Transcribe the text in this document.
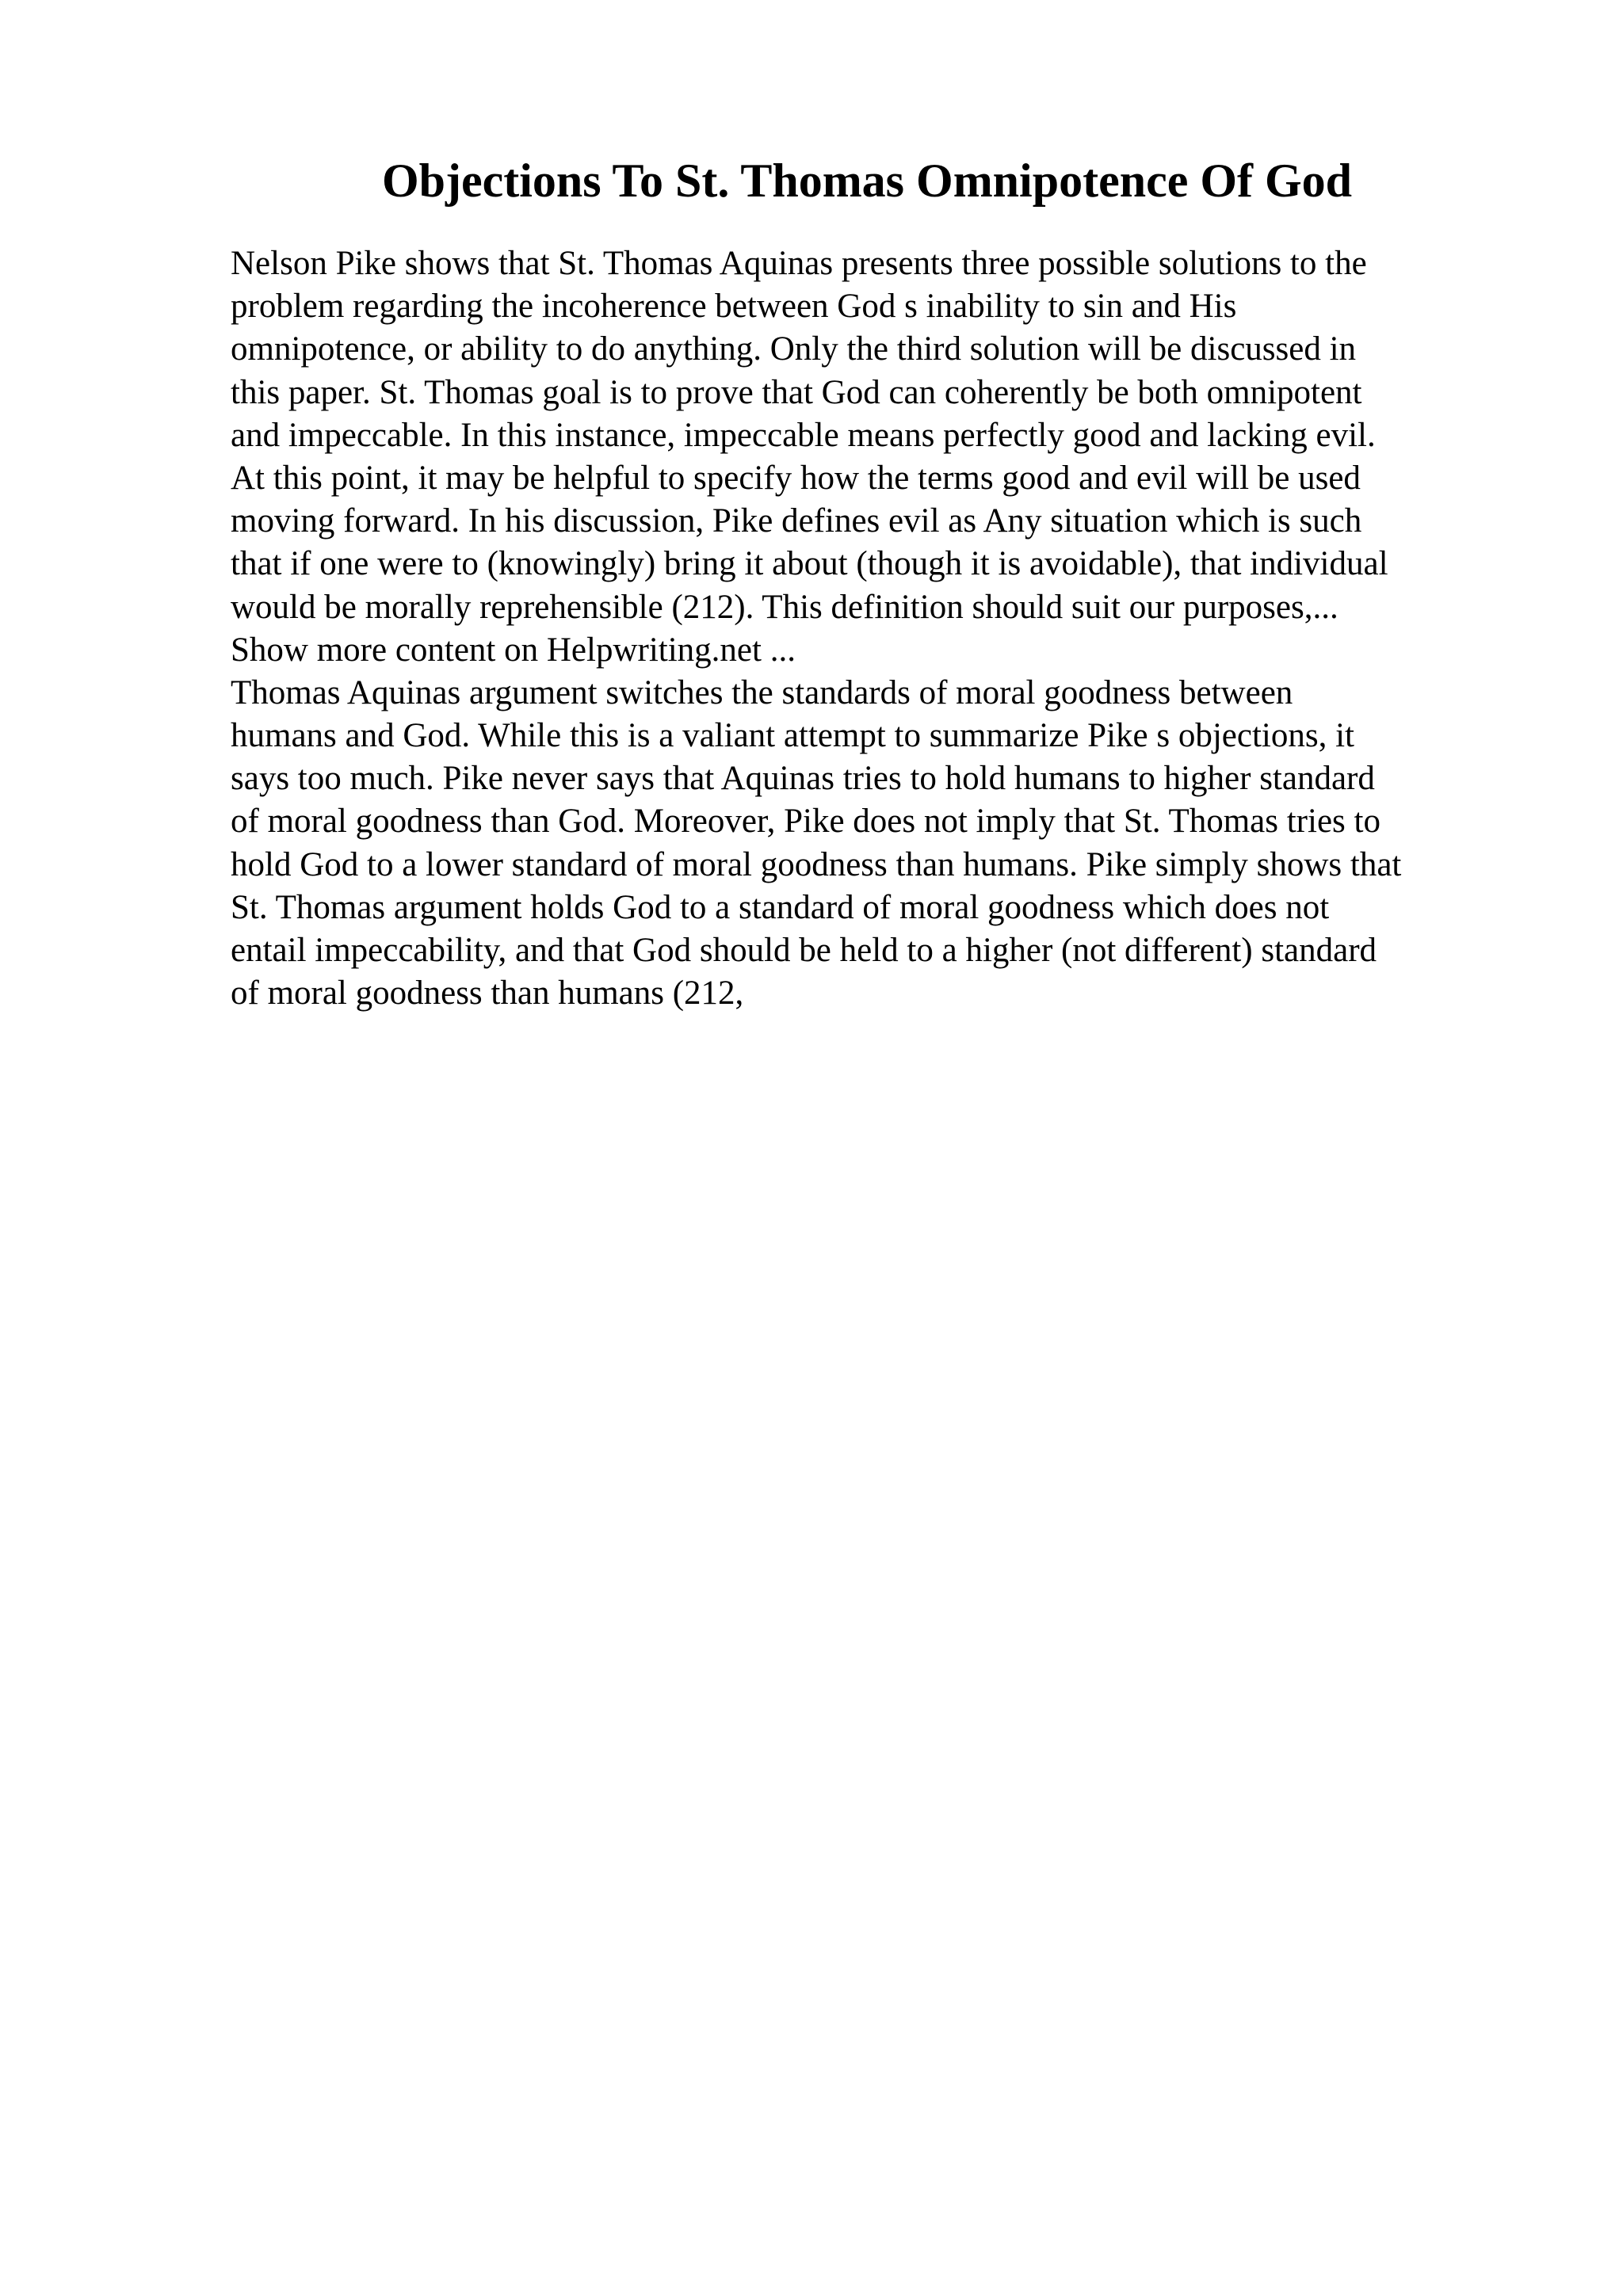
Objections To St. Thomas Omnipotence Of God
Nelson Pike shows that St. Thomas Aquinas presents three possible solutions to the
problem regarding the incoherence between God s inability to sin and His
omnipotence, or ability to do anything. Only the third solution will be discussed in
this paper. St. Thomas goal is to prove that God can coherently be both omnipotent
and impeccable. In this instance, impeccable means perfectly good and lacking evil.
At this point, it may be helpful to specify how the terms good and evil will be used
moving forward. In his discussion, Pike defines evil as Any situation which is such
that if one were to (knowingly) bring it about (though it is avoidable), that individual
would be morally reprehensible (212). This definition should suit our purposes,...
Show more content on Helpwriting.net ...
Thomas Aquinas argument switches the standards of moral goodness between
humans and God. While this is a valiant attempt to summarize Pike s objections, it
says too much. Pike never says that Aquinas tries to hold humans to higher standard
of moral goodness than God. Moreover, Pike does not imply that St. Thomas tries to
hold God to a lower standard of moral goodness than humans. Pike simply shows that
St. Thomas argument holds God to a standard of moral goodness which does not
entail impeccability, and that God should be held to a higher (not different) standard
of moral goodness than humans (212,
